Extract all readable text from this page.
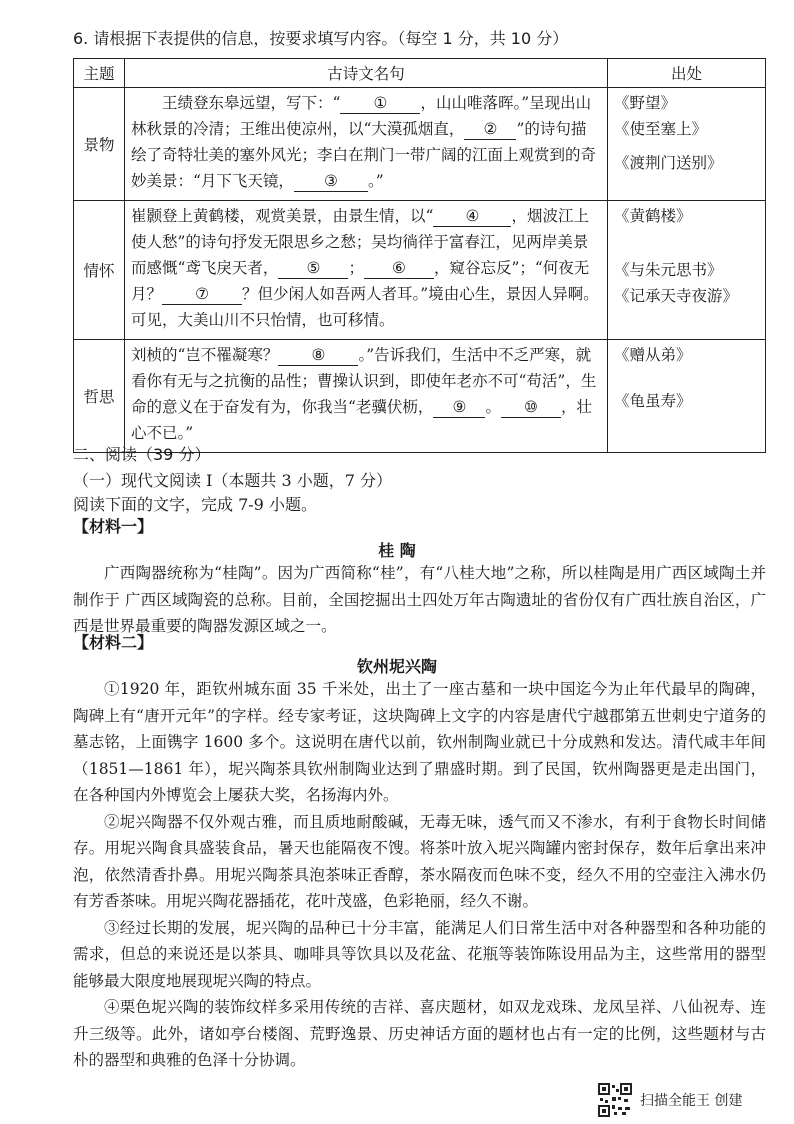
6. 请根据下表提供的信息，按要求填写内容。（每空 1 分，共 10 分）
主题	古诗文名句	出处
景物	王绩登东皋远望，写下：“ ① ，山山唯落晖。”呈现出山林秋景的冷清；王维出使凉州，以“大漠孤烟直， ② ”的诗句描绘了奇特壮美的塞外风光；李白在荆门一带广阔的江面上观赏到的奇妙美景：“月下飞天镜， ③ 。”	《野望》
《使至塞上》
《渡荆门送别》

情怀	崔颢登上黄鹤楼，观赏美景，由景生情，以“ ④ ，烟波江上使人愁”的诗句抒发无限思乡之愁；吴均徜徉于富春江，见两岸美景而感慨“鸢飞戾天者， ⑤ ； ⑥ ，窥谷忘反”；“何夜无月？ ⑦ ？但少闲人如吾两人者耳。”境由心生，景因人异啊。可见，大美山川不只怡情，也可移情。	《黄鹤楼》
《与朱元思书》
《记承天寺夜游》

哲思	刘桢的“岂不罹凝寒？ ⑧ 。”告诉我们，生活中不乏严寒，就看你有无与之抗衡的品性；曹操认识到，即使年老亦不可“苟活”，生命的意义在于奋发有为，你我当“老骥伏枥， ⑨ 。 ⑩ ，壮心不已。”	《赠从弟》
《龟虽寿》
二、阅读（39 分）
（一）现代文阅读 I（本题共 3 小题，7 分）
阅读下面的文字，完成 7-9 小题。
【材料一】
桂 陶

广西陶器统称为“桂陶”。因为广西简称“桂”，有“八桂大地”之称，所以桂陶是用广西区域陶土并制作于 广西区域陶瓷的总称。目前，全国挖掘出土四处万年古陶遗址的省份仅有广西壮族自治区，广西是世界最重要的陶器发源区域之一。

【材料二】
钦州坭兴陶

①1920 年，距钦州城东面 35 千米处，出土了一座古墓和一块中国迄今为止年代最早的陶碑，陶碑上有“唐开元年”的字样。经专家考证，这块陶碑上文字的内容是唐代宁越郡第五世刺史宁道务的墓志铭，上面镌字 1600 多个。这说明在唐代以前，钦州制陶业就已十分成熟和发达。清代咸丰年间（1851—1861 年），坭兴陶茶具钦州制陶业达到了鼎盛时期。到了民国，钦州陶器更是走出国门，在各种国内外博览会上屡获大奖，名扬海内外。

②坭兴陶器不仅外观古雅，而且质地耐酸碱，无毒无味，透气而又不渗水，有利于食物长时间储存。用坭兴陶食具盛装食品，暑天也能隔夜不馊。将茶叶放入坭兴陶罐内密封保存，数年后拿出来冲泡，依然清香扑鼻。用坭兴陶茶具泡茶味正香醇，茶水隔夜而色味不变，经久不用的空壶注入沸水仍有芳香茶味。用坭兴陶花器插花，花叶茂盛，色彩艳丽，经久不谢。

③经过长期的发展，坭兴陶的品种已十分丰富，能满足人们日常生活中对各种器型和各种功能的需求，但总的来说还是以茶具、咖啡具等饮具以及花盆、花瓶等装饰陈设用品为主，这些常用的器型能够最大限度地展现坭兴陶的特点。

④栗色坭兴陶的装饰纹样多采用传统的吉祥、喜庆题材，如双龙戏珠、龙凤呈祥、八仙祝寿、连升三级等。此外，诸如亭台楼阁、荒野逸景、历史神话方面的题材也占有一定的比例，这些题材与古朴的器型和典雅的色泽十分协调。

扫描全能王 创建
